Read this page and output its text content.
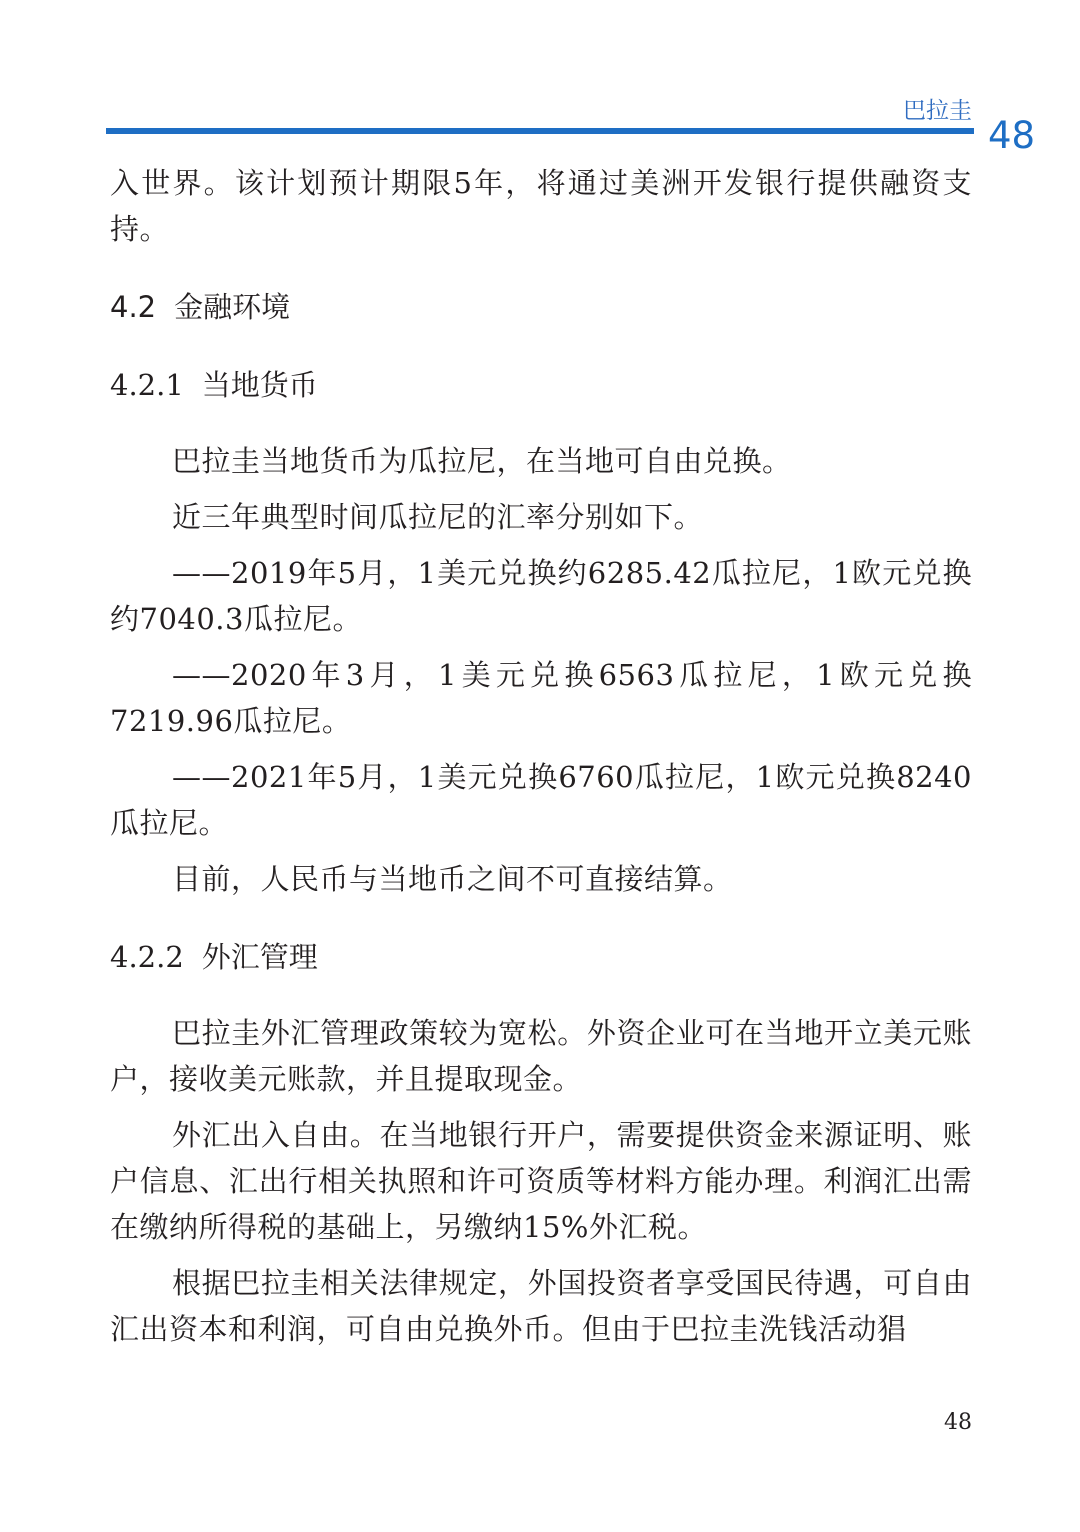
巴拉圭
48

入世界。该计划预计期限5年，将通过美洲开发银行提供融资支持。

4.2 金融环境

4.2.1 当地货币

巴拉圭当地货币为瓜拉尼，在当地可自由兑换。

近三年典型时间瓜拉尼的汇率分别如下。

——2019年5月，1美元兑换约6285.42瓜拉尼，1欧元兑换约7040.3瓜拉尼。

——2020年3月，1美元兑换6563瓜拉尼，1欧元兑换7219.96瓜拉尼。

——2021年5月，1美元兑换6760瓜拉尼，1欧元兑换8240瓜拉尼。

目前，人民币与当地币之间不可直接结算。

4.2.2 外汇管理

巴拉圭外汇管理政策较为宽松。外资企业可在当地开立美元账户，接收美元账款，并且提取现金。

外汇出入自由。在当地银行开户，需要提供资金来源证明、账户信息、汇出行相关执照和许可资质等材料方能办理。利润汇出需在缴纳所得税的基础上，另缴纳15%外汇税。

根据巴拉圭相关法律规定，外国投资者享受国民待遇，可自由汇出资本和利润，可自由兑换外币。但由于巴拉圭洗钱活动猖

48
